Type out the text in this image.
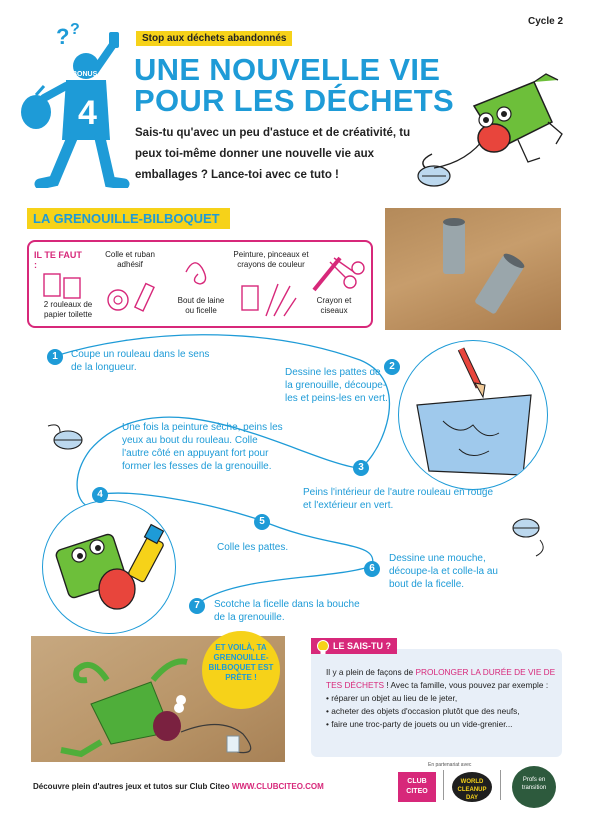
Cycle 2
? ?
BONUS
4
Stop aux déchets abandonnés
UNE NOUVELLE VIE
POUR LES DÉCHETS
Sais-tu qu'avec un peu d'astuce et de créativité, tu peux toi-même donner une nouvelle vie aux emballages ? Lance-toi avec ce tuto !
LA GRENOUILLE-BILBOQUET
IL TE FAUT :
2 rouleaux de papier toilette
Colle et ruban adhésif
Bout de laine ou ficelle
Peinture, pinceaux et crayons de couleur
Crayon et ciseaux
1
2
3
4
5
6
7
Coupe un rouleau dans le sens de la longueur.	Dessine les pattes de la grenouille, découpe-les et peins-les en vert.
Peins l'intérieur de l'autre rouleau en rouge et l'extérieur en vert.
Une fois la peinture sèche, peins les yeux au bout du rouleau. Colle l'autre côté en appuyant fort pour former les fesses de la grenouille.
Colle les pattes.
Dessine une mouche, découpe-la et colle-la au bout de la ficelle.
Scotche la ficelle dans la bouche de la grenouille.
ET VOILÀ, TA GRENOUILLE-BILBOQUET EST PRÊTE !
LE SAIS-TU ?
Il y a plein de façons de PROLONGER LA DURÉE DE VIE DE TES DÉCHETS ! Avec ta famille, vous pouvez par exemple :
• réparer un objet au lieu de le jeter,
• acheter des objets d'occasion plutôt que des neufs,
• faire une troc-party de jouets ou un vide-grenier...
Découvre plein d'autres jeux et tutos sur Club Citeo WWW.CLUBCITEO.COM
En partenariat avec
CLUB CITEO
WORLD CLEANUP DAY
Profs en transition
